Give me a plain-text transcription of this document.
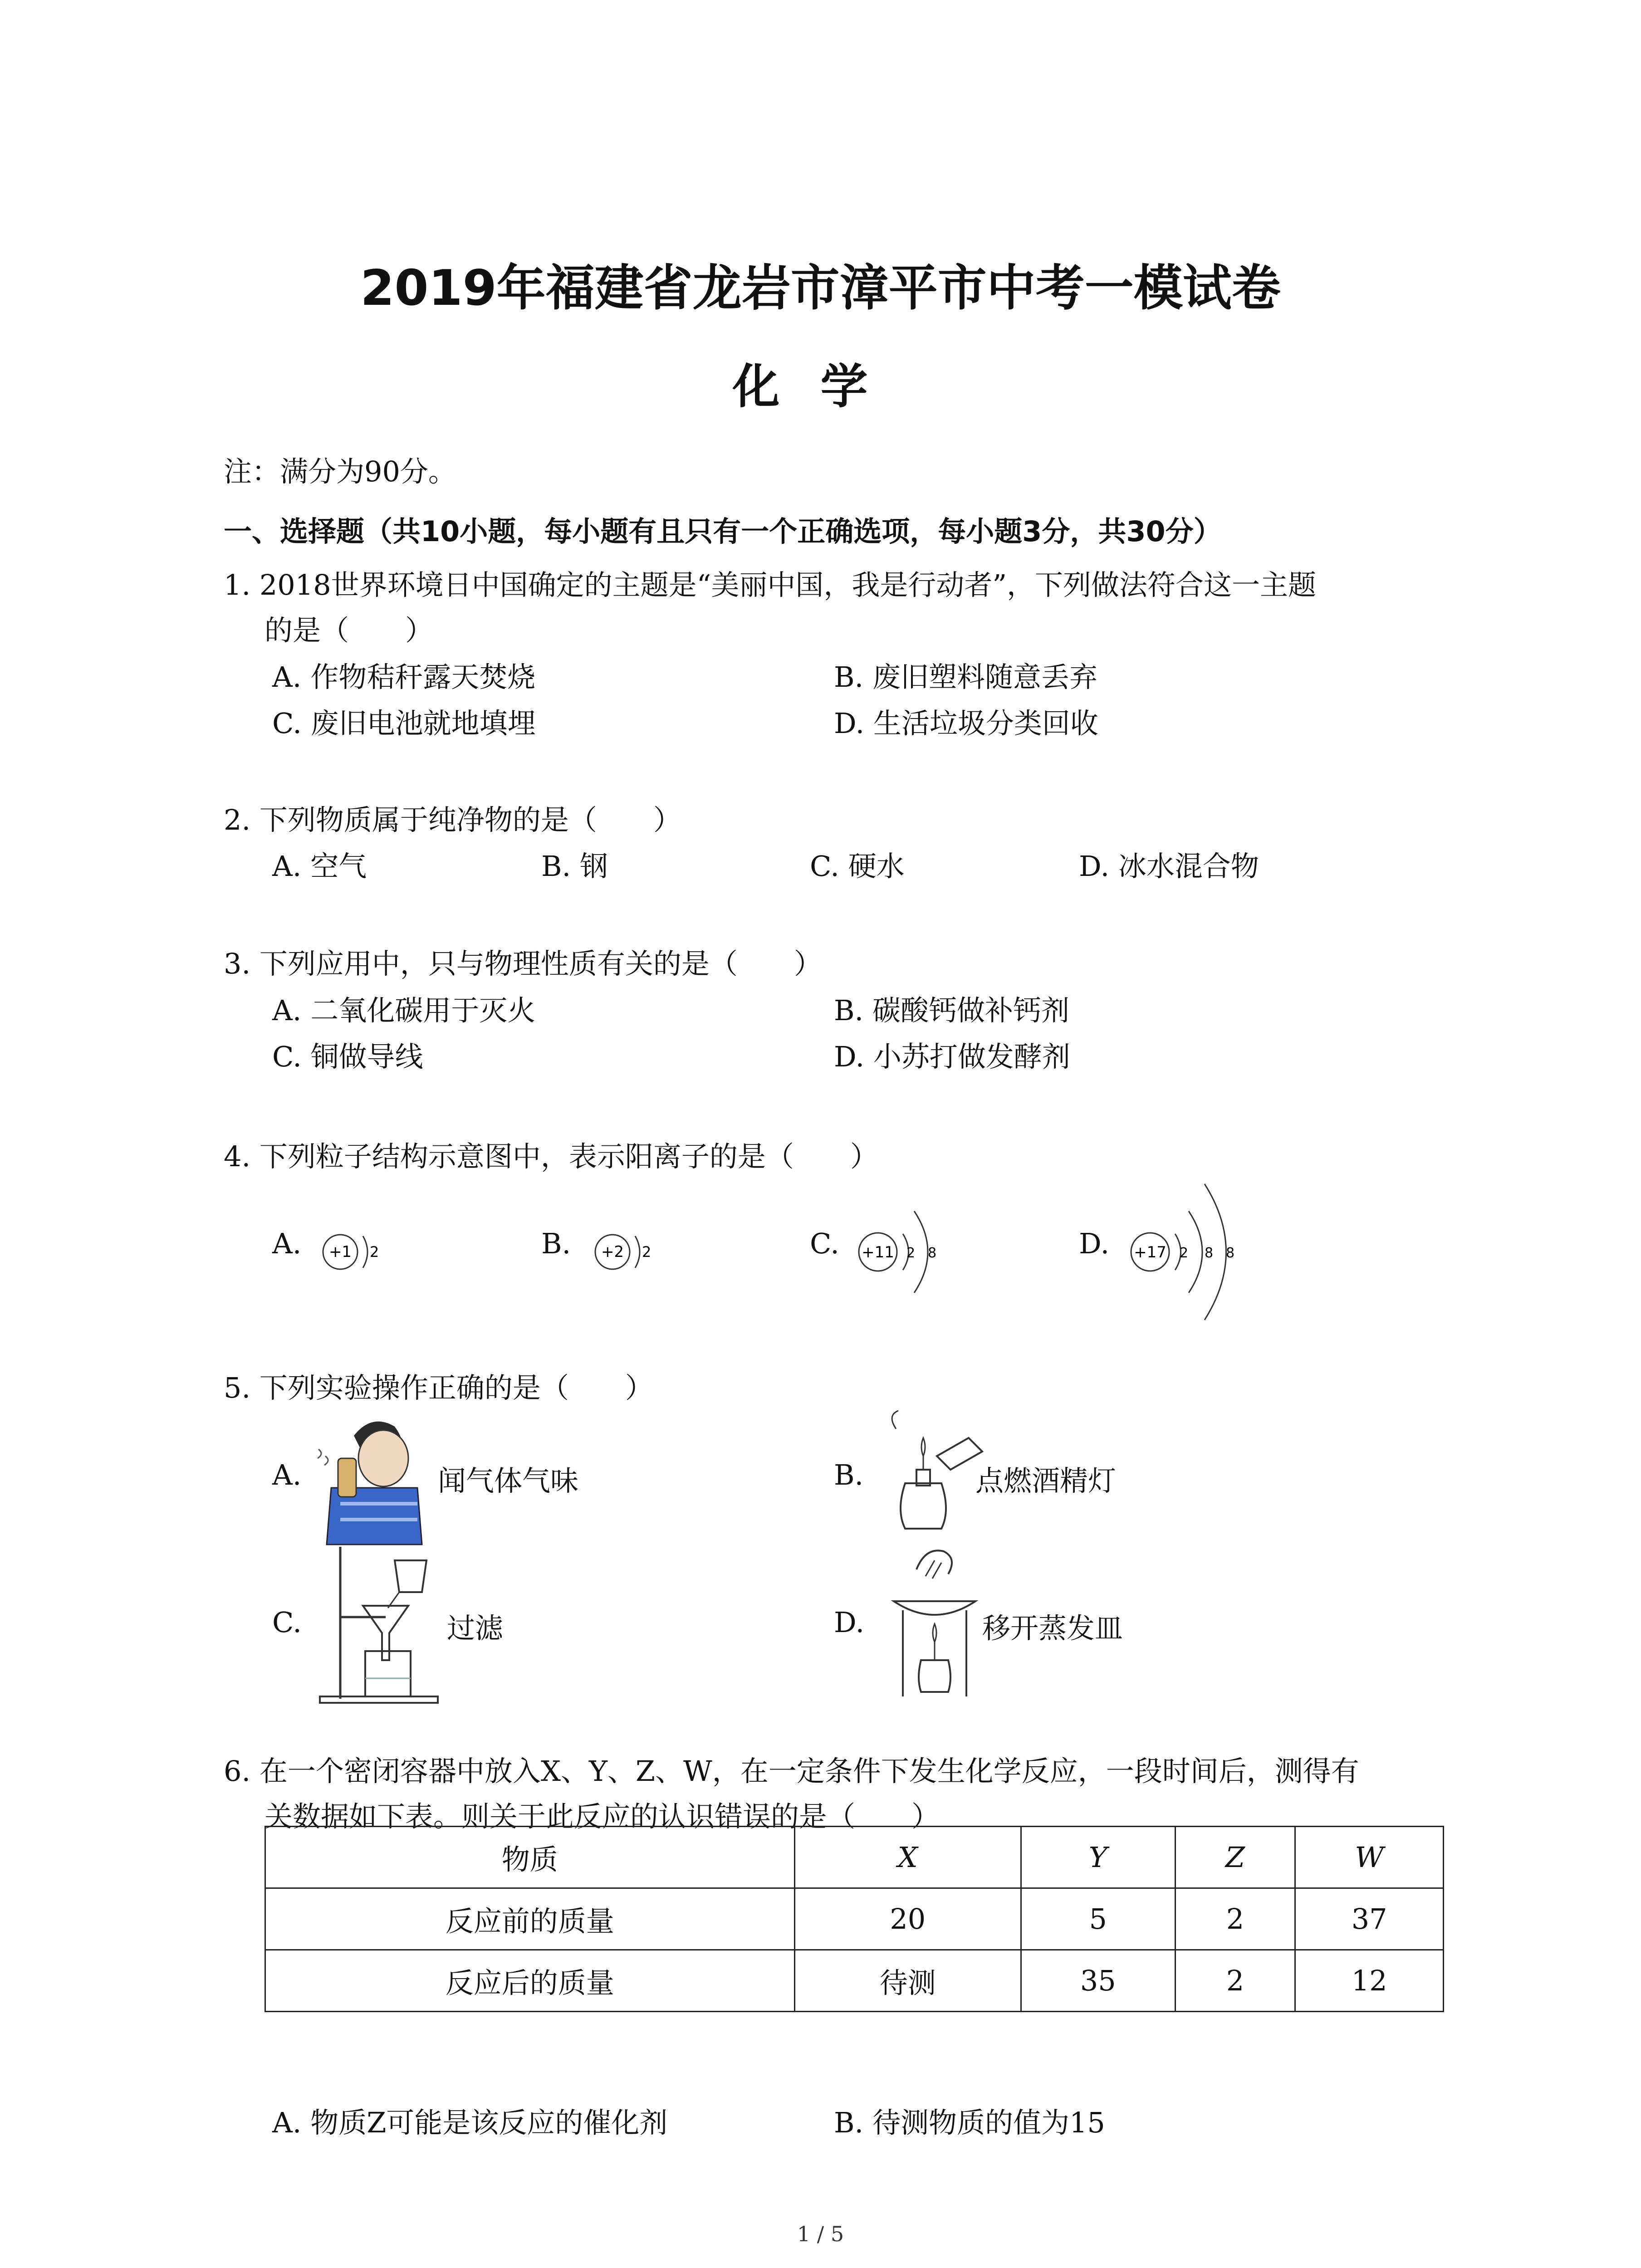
2019年福建省龙岩市漳平市中考一模试卷
化学
注：满分为90分。
一、选择题（共10小题，每小题有且只有一个正确选项，每小题3分，共30分）
1. 2018世界环境日中国确定的主题是“美丽中国，我是行动者”，下列做法符合这一主题
的是（　　）
A. 作物秸秆露天焚烧	B. 废旧塑料随意丢弃
C. 废旧电池就地填埋	D. 生活垃圾分类回收
2. 下列物质属于纯净物的是（　　）
A. 空气	B. 钢	C. 硬水	D. 冰水混合物
3. 下列应用中，只与物理性质有关的是（　　）
A. 二氧化碳用于灭火	B. 碳酸钙做补钙剂
C. 铜做导线	D. 小苏打做发酵剂
4. 下列粒子结构示意图中，表示阳离子的是（　　）
A. +1 2	B. +2 2	C. +11 2 8	D. +17 2 8 8
5. 下列实验操作正确的是（　　）
A.	闻气体气味	B.	点燃酒精灯
C.	过滤	D.	移开蒸发皿
6. 在一个密闭容器中放入X、Y、Z、W，在一定条件下发生化学反应，一段时间后，测得有
关数据如下表。则关于此反应的认识错误的是（　　）
物质	X	Y	Z	W
反应前的质量	20	5	2	37
反应后的质量	待测	35	2	12
A. 物质Z可能是该反应的催化剂	B. 待测物质的值为15
1 / 5
